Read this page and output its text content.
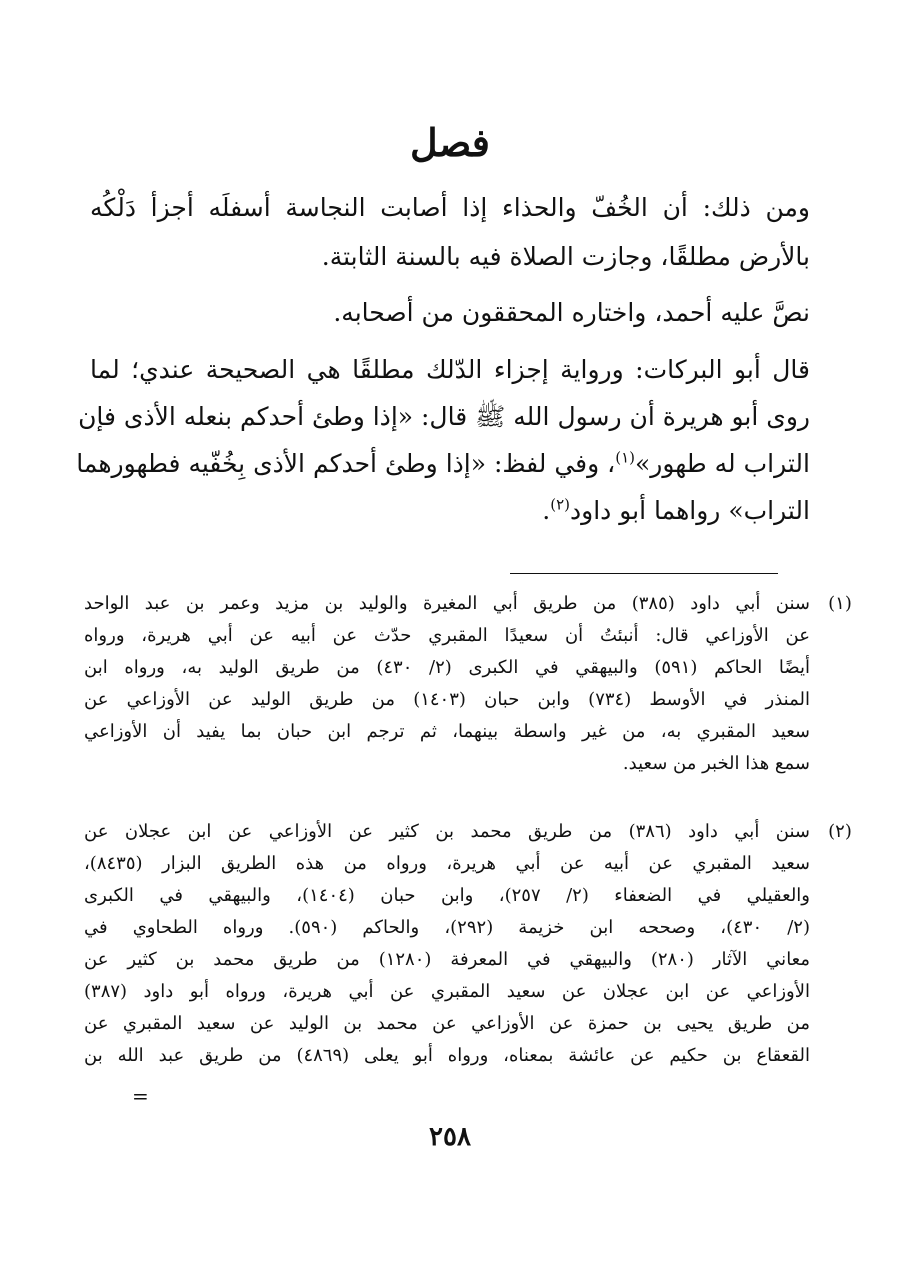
فصل

ومن ذلك: أن الخُفّ والحذاء إذا أصابت النجاسة أسفلَه أجزأ دَلْكُه

بالأرض مطلقًا، وجازت الصلاة فيه بالسنة الثابتة.

نصَّ عليه أحمد، واختاره المحققون من أصحابه.

قال أبو البركات: ورواية إجزاء الدّلك مطلقًا هي الصحيحة عندي؛ لما

روى أبو هريرة أن رسول الله ﷺ قال: «إذا وطئ أحدكم بنعله الأذى فإن

التراب له طهور»$^{(١)}$، وفي لفظ: «إذا وطئ أحدكم الأذى بِخُفّيه فطهورهما

التراب» رواهما أبو داود$^{(٢)}$.

(١)
سنن أبي داود (٣٨٥) من طريق أبي المغيرة والوليد بن مزيد وعمر بن عبد الواحد
عن الأوزاعي قال: أنبئتُ أن سعيدًا المقبري حدّث عن أبيه عن أبي هريرة، ورواه
أيضًا الحاكم (٥٩١) والبيهقي في الكبرى (٢/ ٤٣٠) من طريق الوليد به، ورواه ابن
المنذر في الأوسط (٧٣٤) وابن حبان (١٤٠٣) من طريق الوليد عن الأوزاعي عن
سعيد المقبري به، من غير واسطة بينهما، ثم ترجم ابن حبان بما يفيد أن الأوزاعي
سمع هذا الخبر من سعيد.
(٢)
سنن أبي داود (٣٨٦) من طريق محمد بن كثير عن الأوزاعي عن ابن عجلان عن
سعيد المقبري عن أبيه عن أبي هريرة، ورواه من هذه الطريق البزار (٨٤٣٥)،
والعقيلي في الضعفاء (٢/ ٢٥٧)، وابن حبان (١٤٠٤)، والبيهقي في الكبرى
(٢/ ٤٣٠)، وصححه ابن خزيمة (٢٩٢)، والحاكم (٥٩٠). ورواه الطحاوي في
معاني الآثار (٢٨٠) والبيهقي في المعرفة (١٢٨٠) من طريق محمد بن كثير عن
الأوزاعي عن ابن عجلان عن سعيد المقبري عن أبي هريرة، ورواه أبو داود (٣٨٧)
من طريق يحيى بن حمزة عن الأوزاعي عن محمد بن الوليد عن سعيد المقبري عن
القعقاع بن حكيم عن عائشة بمعناه، ورواه أبو يعلى (٤٨٦٩) من طريق عبد الله بن
=

٢٥٨
